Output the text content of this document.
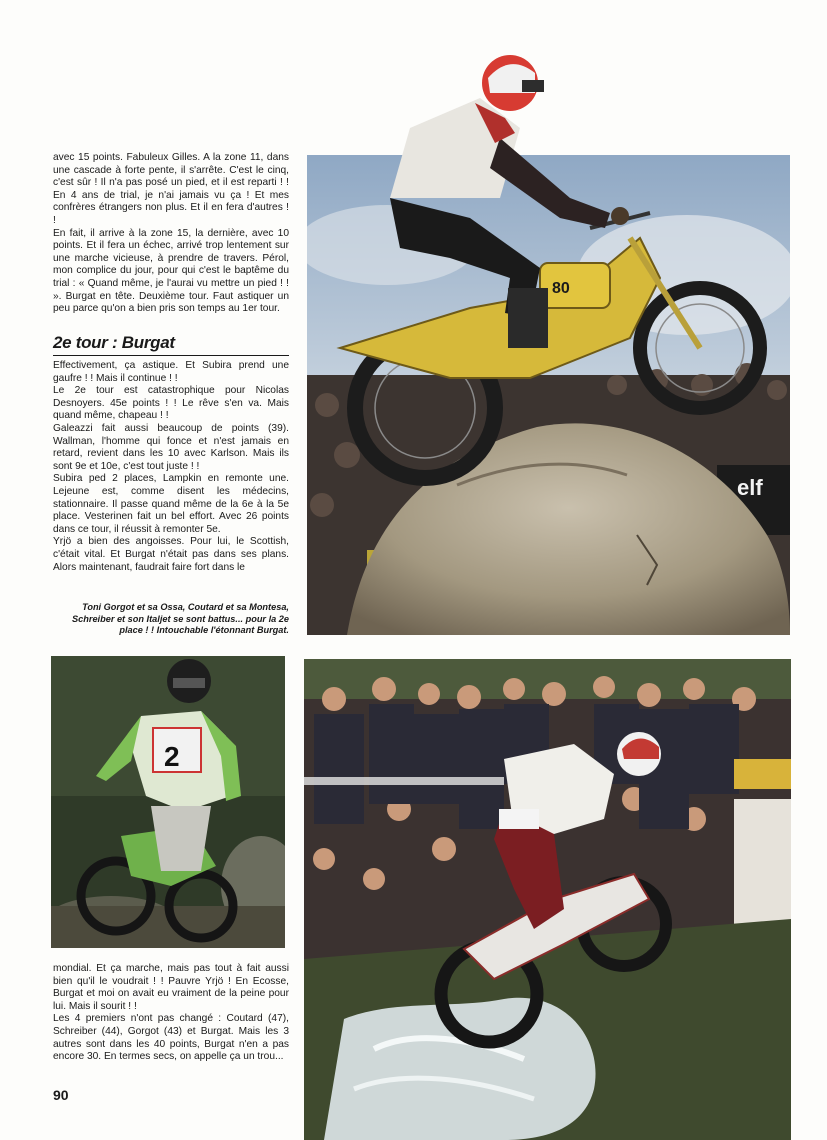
avec 15 points. Fabuleux Gilles. A la zone 11, dans une cascade à forte pente, il s'arrête. C'est le cinq, c'est sûr ! Il n'a pas posé un pied, et il est reparti ! ! En 4 ans de trial, je n'ai jamais vu ça ! Et mes confrères étrangers non plus. Et il en fera d'autres ! !

En fait, il arrive à la zone 15, la dernière, avec 10 points. Et il fera un échec, arrivé trop lentement sur une marche vicieuse, à prendre de travers. Pérol, mon complice du jour, pour qui c'est le baptême du trial : « Quand même, je l'aurai vu mettre un pied ! ! ». Burgat en tête. Deuxième tour. Faut astiquer un peu parce qu'on a bien pris son temps au 1er tour.

2e tour : Burgat

Effectivement, ça astique. Et Subira prend une gaufre ! ! Mais il continue ! !

Le 2e tour est catastrophique pour Nicolas Desnoyers. 45e points ! ! Le rêve s'en va. Mais quand même, chapeau ! !

Galeazzi fait aussi beaucoup de points (39). Wallman, l'homme qui fonce et n'est jamais en retard, revient dans les 10 avec Karlson. Mais ils sont 9e et 10e, c'est tout juste ! !

Subira ped 2 places, Lampkin en remonte une. Lejeune est, comme disent les médecins, stationnaire. Il passe quand même de la 6e à la 5e place. Vesterinen fait un bel effort. Avec 26 points dans ce tour, il réussit à remonter 5e.

Yrjö a bien des angoisses. Pour lui, le Scottish, c'était vital. Et Burgat n'était pas dans ses plans. Alors maintenant, faudrait faire fort dans le

Toni Gorgot et sa Ossa, Coutard et sa Montesa, Schreiber et son Italjet se sont battus... pour la 2e place ! ! Intouchable l'étonnant Burgat.

mondial. Et ça marche, mais pas tout à fait aussi bien qu'il le voudrait ! ! Pauvre Yrjö ! En Ecosse, Burgat et moi on avait eu vraiment de la peine pour lui. Mais il sourit ! !

Les 4 premiers n'ont pas changé : Coutard (47), Schreiber (44), Gorgot (43) et Burgat. Mais les 3 autres sont dans les 40 points, Burgat n'en a pas encore 30. En termes secs, on appelle ça un trou...

90
elf
80
2
